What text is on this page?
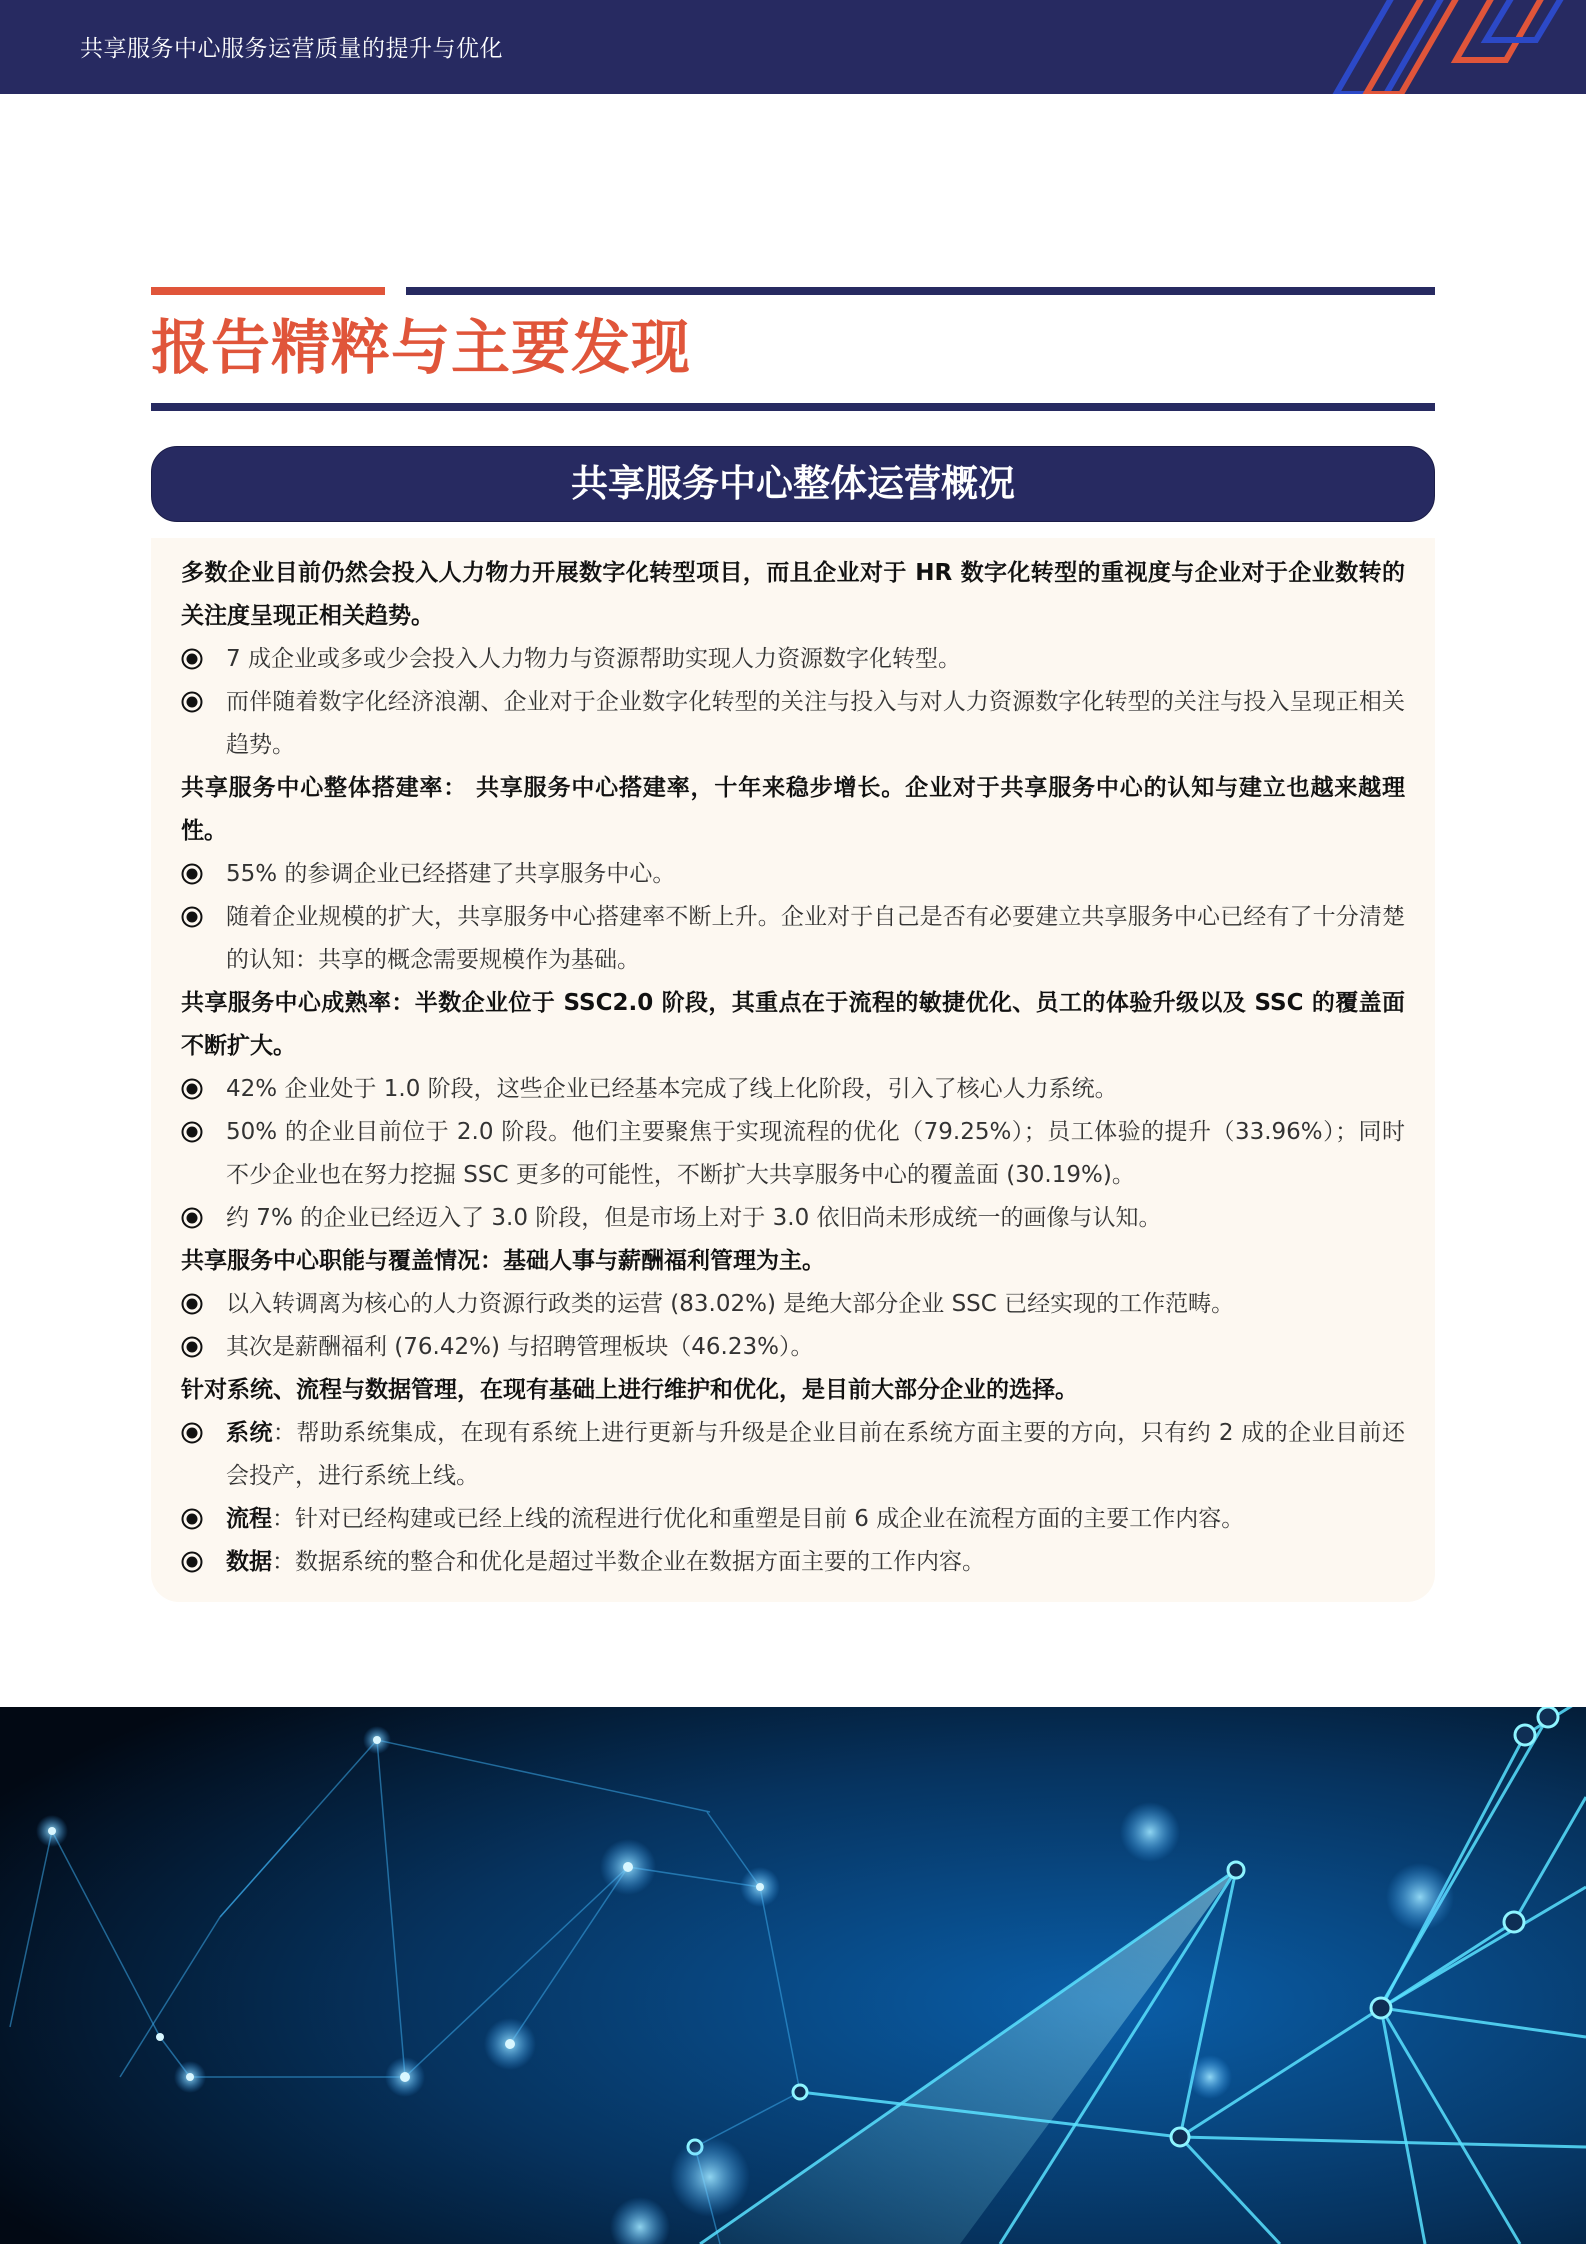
共享服务中心服务运营质量的提升与优化
报告精粹与主要发现
共享服务中心整体运营概况
多数企业目前仍然会投入人力物力开展数字化转型项目，而且企业对于 HR 数字化转型的重视度与企业对于企业数转的关注度呈现正相关趋势。
7 成企业或多或少会投入人力物力与资源帮助实现人力资源数字化转型。
而伴随着数字化经济浪潮、企业对于企业数字化转型的关注与投入与对人力资源数字化转型的关注与投入呈现正相关趋势。
共享服务中心整体搭建率： 共享服务中心搭建率，十年来稳步增长。企业对于共享服务中心的认知与建立也越来越理性。
55% 的参调企业已经搭建了共享服务中心。
随着企业规模的扩大，共享服务中心搭建率不断上升。企业对于自己是否有必要建立共享服务中心已经有了十分清楚的认知：共享的概念需要规模作为基础。
共享服务中心成熟率：半数企业位于 SSC2.0 阶段，其重点在于流程的敏捷优化、员工的体验升级以及 SSC 的覆盖面不断扩大。
42% 企业处于 1.0 阶段，这些企业已经基本完成了线上化阶段，引入了核心人力系统。
50% 的企业目前位于 2.0 阶段。他们主要聚焦于实现流程的优化（79.25%）；员工体验的提升（33.96%）；同时不少企业也在努力挖掘 SSC 更多的可能性，不断扩大共享服务中心的覆盖面 (30.19%)。
约 7% 的企业已经迈入了 3.0 阶段，但是市场上对于 3.0 依旧尚未形成统一的画像与认知。
共享服务中心职能与覆盖情况：基础人事与薪酬福利管理为主。
以入转调离为核心的人力资源行政类的运营 (83.02%) 是绝大部分企业 SSC 已经实现的工作范畴。
其次是薪酬福利 (76.42%) 与招聘管理板块（46.23%）。
针对系统、流程与数据管理，在现有基础上进行维护和优化，是目前大部分企业的选择。
系统：帮助系统集成，在现有系统上进行更新与升级是企业目前在系统方面主要的方向，只有约 2 成的企业目前还会投产，进行系统上线。
流程：针对已经构建或已经上线的流程进行优化和重塑是目前 6 成企业在流程方面的主要工作内容。
数据：数据系统的整合和优化是超过半数企业在数据方面主要的工作内容。
